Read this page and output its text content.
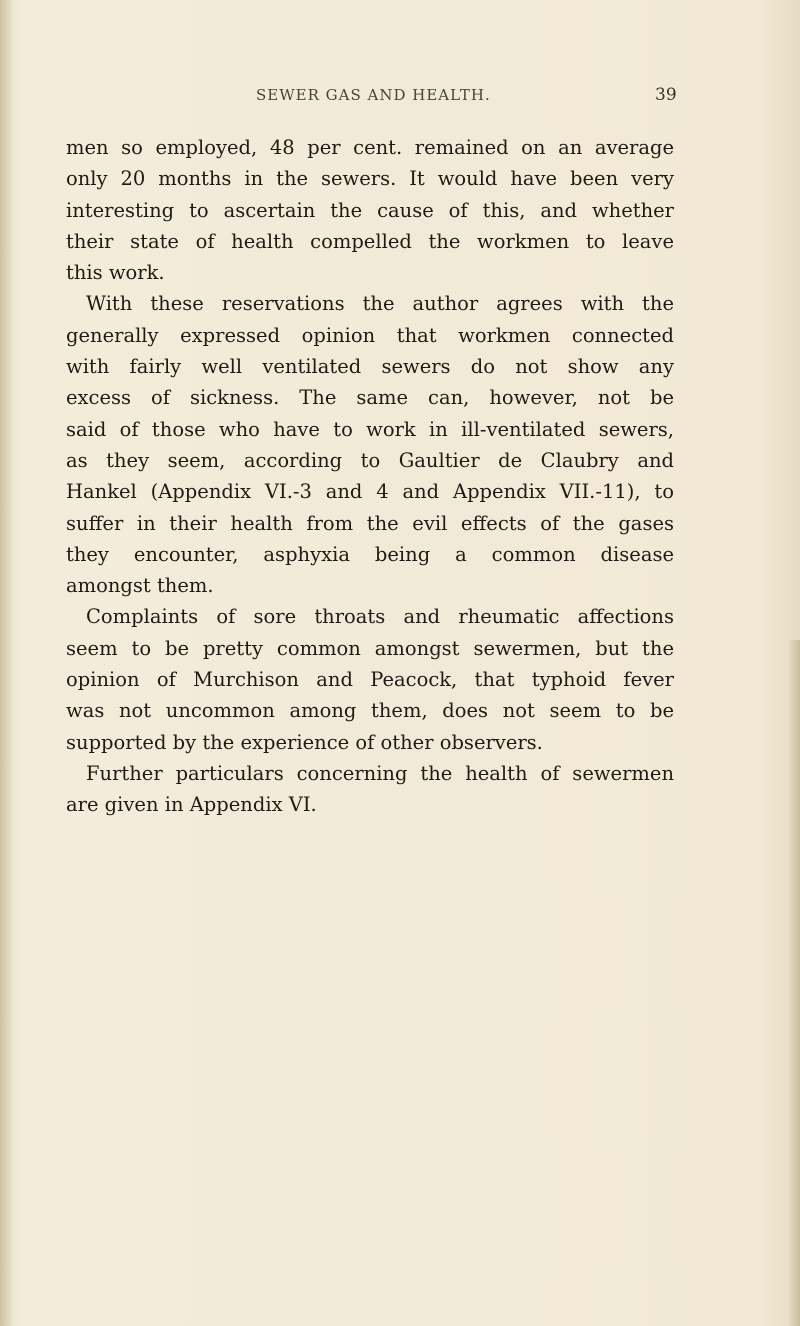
SEWER GAS AND HEALTH.	39
men so employed, 48 per cent. remained on an average
only 20 months in the sewers. It would have been very
interesting to ascertain the cause of this, and whether
their state of health compelled the workmen to leave
this work.
With these reservations the author agrees with the
generally expressed opinion that workmen connected
with fairly well ventilated sewers do not show any
excess of sickness. The same can, however, not be
said of those who have to work in ill-ventilated sewers,
as they seem, according to Gaultier de Claubry and
Hankel (Appendix VI.-3 and 4 and Appendix VII.-11), to
suffer in their health from the evil effects of the gases
they encounter, asphyxia being a common disease
amongst them.
Complaints of sore throats and rheumatic affections
seem to be pretty common amongst sewermen, but the
opinion of Murchison and Peacock, that typhoid fever
was not uncommon among them, does not seem to be
supported by the experience of other observers.
Further particulars concerning the health of sewermen
are given in Appendix VI.
